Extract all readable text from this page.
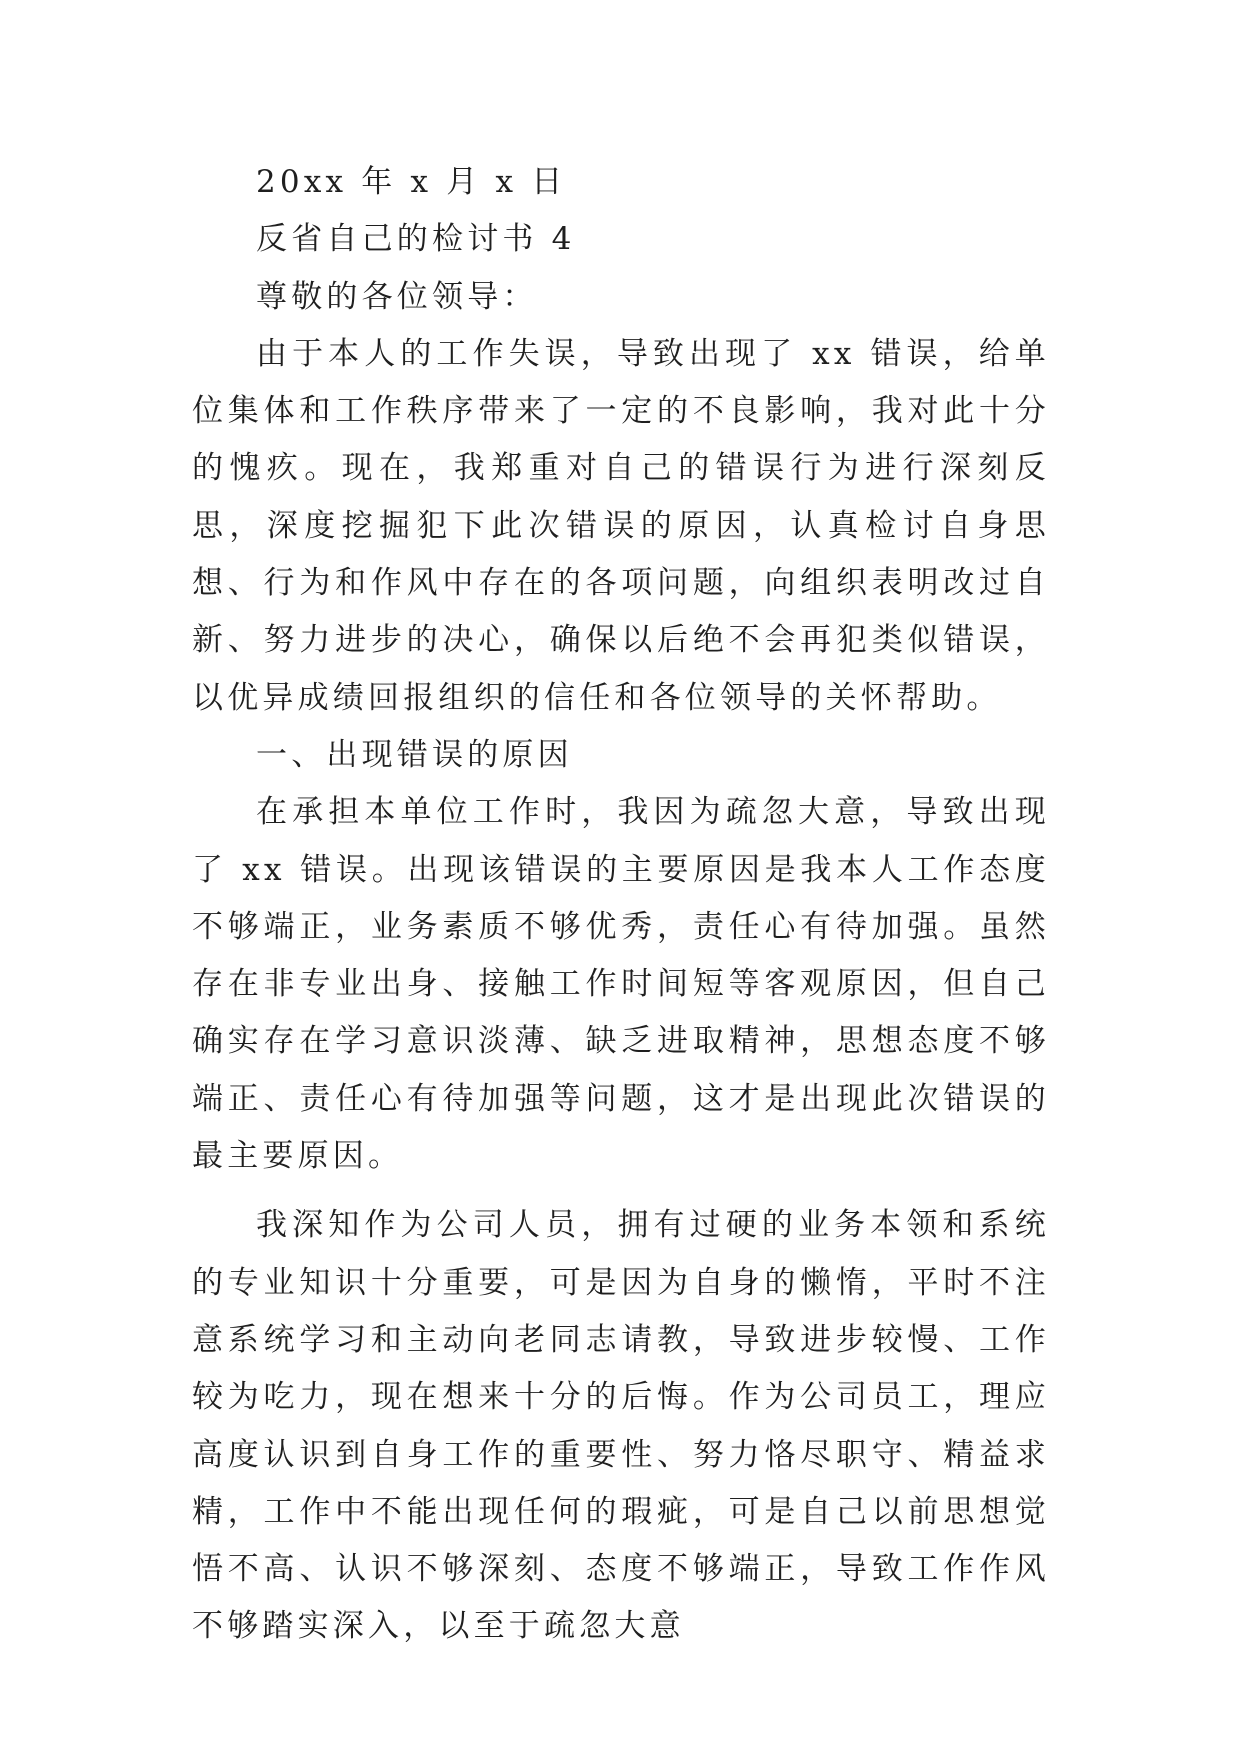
20xx 年 x 月 x 日

反省自己的检讨书 4

尊敬的各位领导：

由于本人的工作失误，导致出现了 xx 错误，给单位集体和工作秩序带来了一定的不良影响，我对此十分的愧疚。现在，我郑重对自己的错误行为进行深刻反思，深度挖掘犯下此次错误的原因，认真检讨自身思想、行为和作风中存在的各项问题，向组织表明改过自新、努力进步的决心，确保以后绝不会再犯类似错误，以优异成绩回报组织的信任和各位领导的关怀帮助。

一、出现错误的原因

在承担本单位工作时，我因为疏忽大意，导致出现了 xx 错误。出现该错误的主要原因是我本人工作态度不够端正，业务素质不够优秀，责任心有待加强。虽然存在非专业出身、接触工作时间短等客观原因，但自己确实存在学习意识淡薄、缺乏进取精神，思想态度不够端正、责任心有待加强等问题，这才是出现此次错误的最主要原因。

我深知作为公司人员，拥有过硬的业务本领和系统的专业知识十分重要，可是因为自身的懒惰，平时不注意系统学习和主动向老同志请教，导致进步较慢、工作较为吃力，现在想来十分的后悔。作为公司员工，理应高度认识到自身工作的重要性、努力恪尽职守、精益求精，工作中不能出现任何的瑕疵，可是自己以前思想觉悟不高、认识不够深刻、态度不够端正，导致工作作风不够踏实深入，以至于疏忽大意
